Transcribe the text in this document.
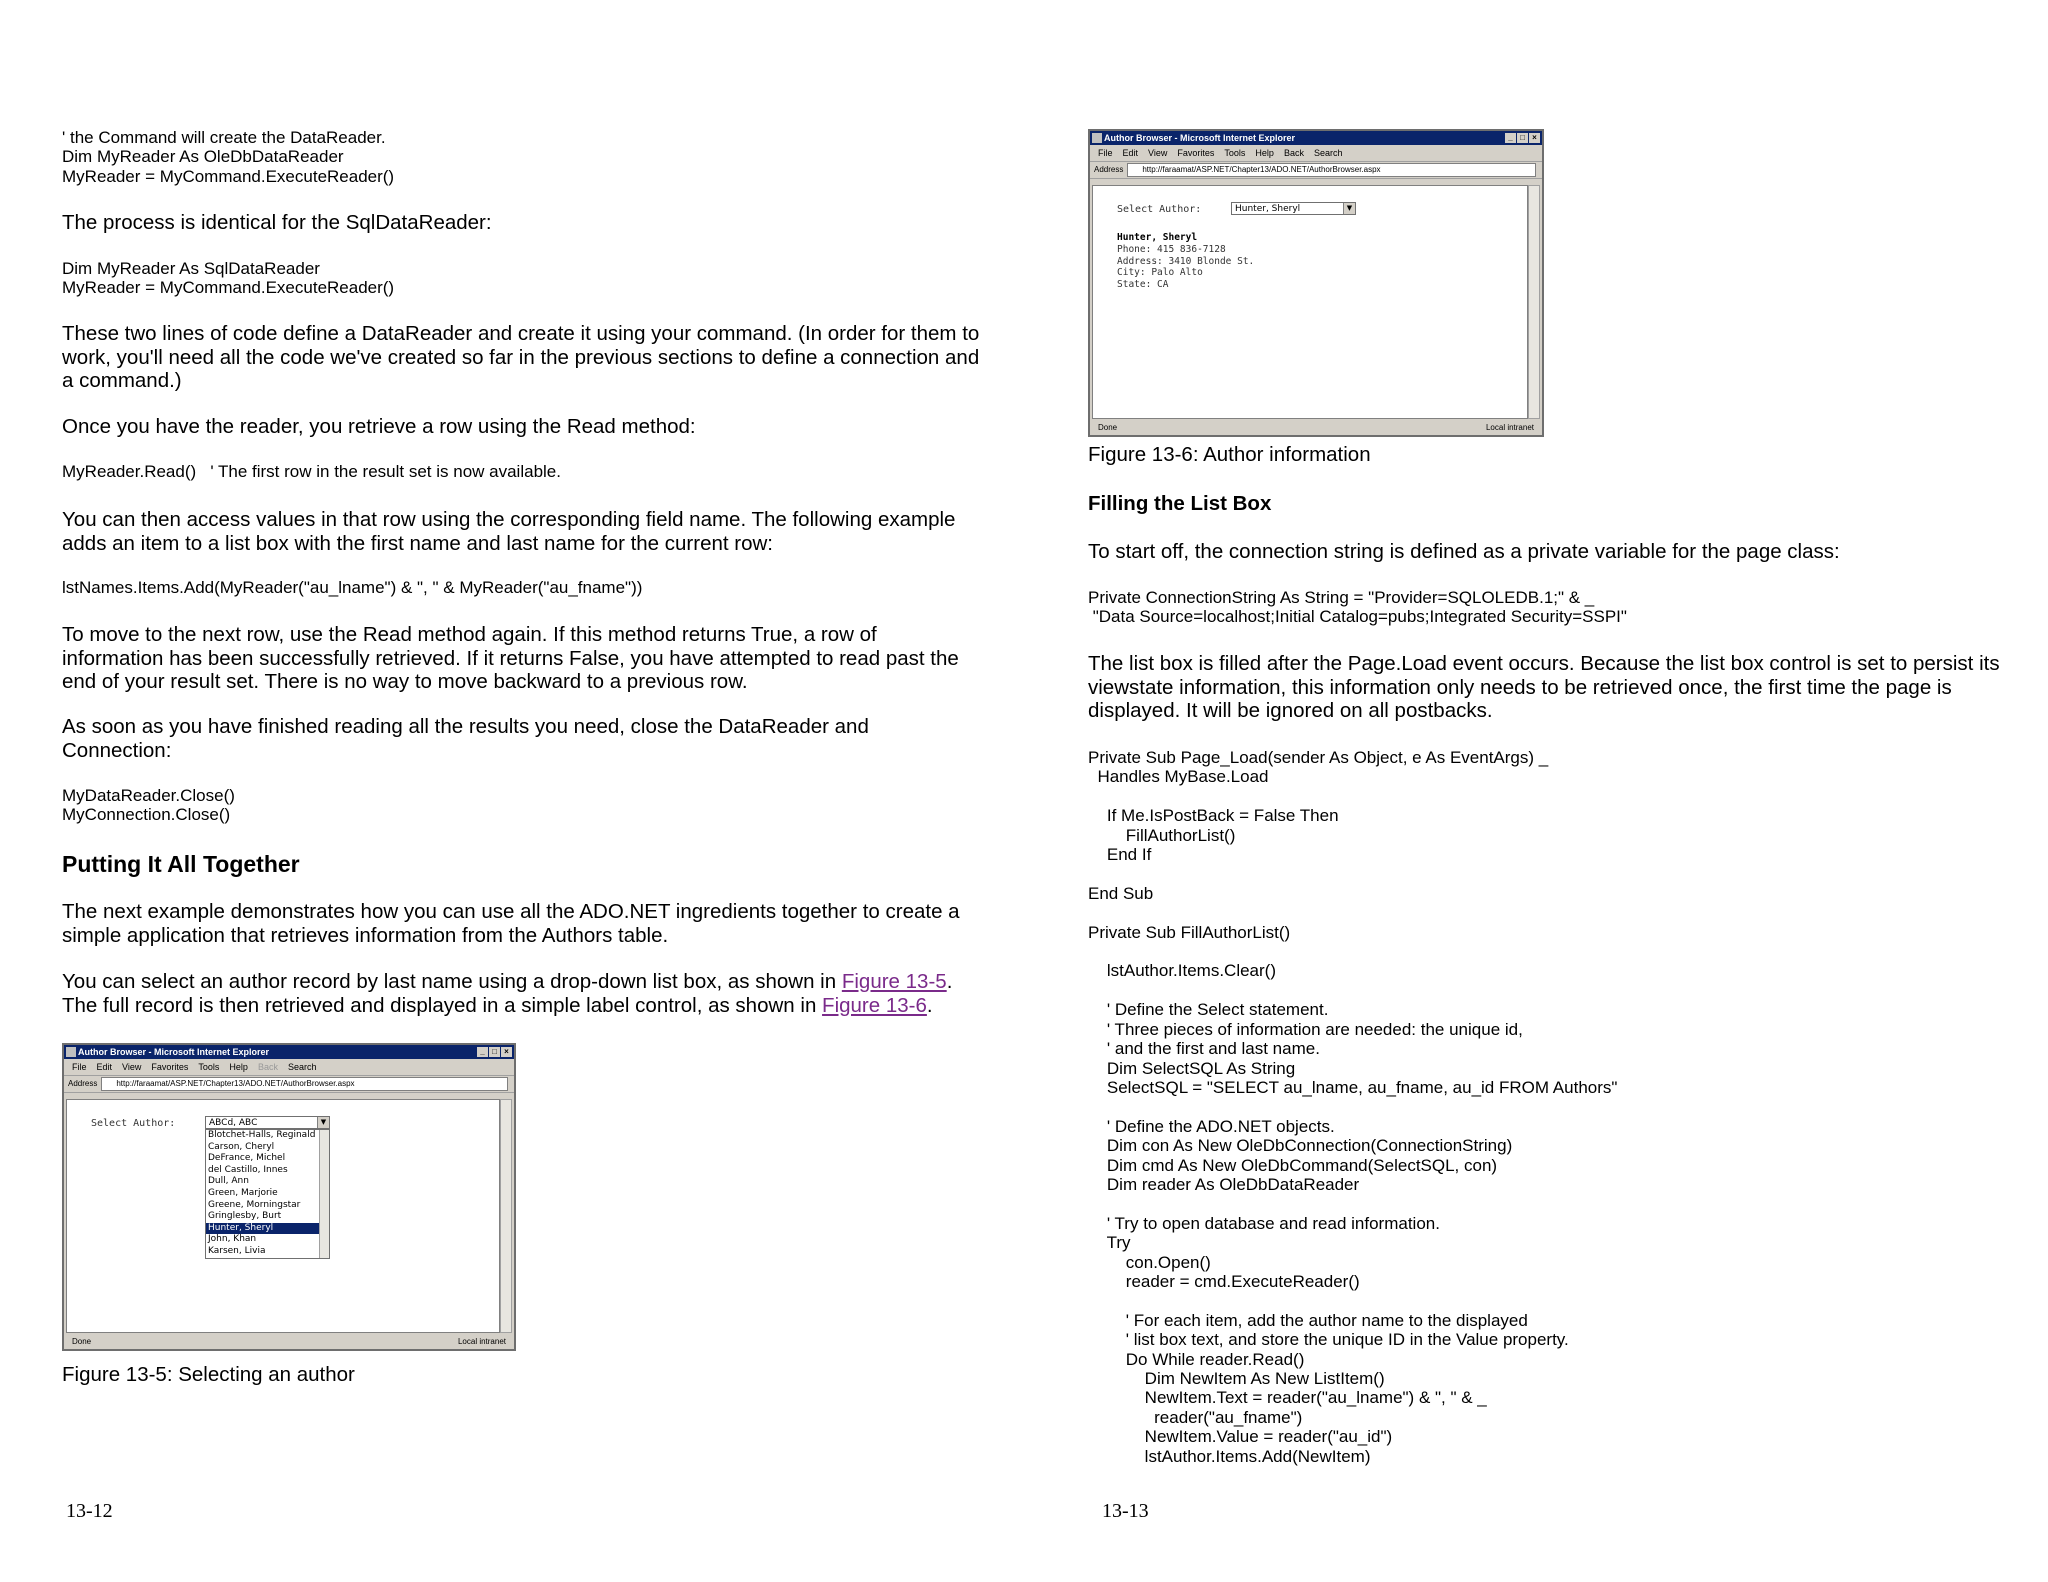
' the Command will create the DataReader.
Dim MyReader As OleDbDataReader
MyReader = MyCommand.ExecuteReader()

The process is identical for the SqlDataReader:

Dim MyReader As SqlDataReader
MyReader = MyCommand.ExecuteReader()

These two lines of code define a DataReader and create it using your command. (In order for them to work, you'll need all the code we've created so far in the previous sections to define a connection and a command.)

Once you have the reader, you retrieve a row using the Read method:

MyReader.Read()   ' The first row in the result set is now available.

You can then access values in that row using the corresponding field name. The following example adds an item to a list box with the first name and last name for the current row:

lstNames.Items.Add(MyReader("au_lname") & ", " & MyReader("au_fname"))

To move to the next row, use the Read method again. If this method returns True, a row of information has been successfully retrieved. If it returns False, you have attempted to read past the end of your result set. There is no way to move backward to a previous row.

As soon as you have finished reading all the results you need, close the DataReader and Connection:

MyDataReader.Close()
MyConnection.Close()
Putting It All Together

The next example demonstrates how you can use all the ADO.NET ingredients together to create a simple application that retrieves information from the Authors table.

You can select an author record by last name using a drop-down list box, as shown in Figure 13-5.
The full record is then retrieved and displayed in a simple label control, as shown in Figure 13-6.

Author Browser - Microsoft Internet Explorer	_ □ ×
File Edit View Favorites Tools Help Back Search
Address	http://faraamat/ASP.NET/Chapter13/ADO.NET/AuthorBrowser.aspx
Select Author:	ABCd, ABC	▼
Blotchet-Halls, Reginald
Carson, Cheryl
DeFrance, Michel
del Castillo, Innes
Dull, Ann
Green, Marjorie
Greene, Morningstar
Gringlesby, Burt
Hunter, Sheryl
John, Khan
Karsen, Livia
Done	Local intranet

Figure 13-5: Selecting an author

13-12
Author Browser - Microsoft Internet Explorer	_ □ ×
File Edit View Favorites Tools Help Back Search
Address	http://faraamat/ASP.NET/Chapter13/ADO.NET/AuthorBrowser.aspx
Select Author:	Hunter, Sheryl	▼
Hunter, Sheryl
Phone: 415 836-7128
Address: 3410 Blonde St.
City: Palo Alto
State: CA
Done	Local intranet

Figure 13-6: Author information

Filling the List Box

To start off, the connection string is defined as a private variable for the page class:

Private ConnectionString As String = "Provider=SQLOLEDB.1;" & _
"Data Source=localhost;Initial Catalog=pubs;Integrated Security=SSPI"

The list box is filled after the Page.Load event occurs. Because the list box control is set to persist its viewstate information, this information only needs to be retrieved once, the first time the page is displayed. It will be ignored on all postbacks.

Private Sub Page_Load(sender As Object, e As EventArgs) _
Handles MyBase.Load

If Me.IsPostBack = False Then
FillAuthorList()
End If

End Sub

Private Sub FillAuthorList()

lstAuthor.Items.Clear()

' Define the Select statement.
' Three pieces of information are needed: the unique id,
' and the first and last name.
Dim SelectSQL As String
SelectSQL = "SELECT au_lname, au_fname, au_id FROM Authors"

' Define the ADO.NET objects.
Dim con As New OleDbConnection(ConnectionString)
Dim cmd As New OleDbCommand(SelectSQL, con)
Dim reader As OleDbDataReader

' Try to open database and read information.
Try
con.Open()
reader = cmd.ExecuteReader()

' For each item, add the author name to the displayed
' list box text, and store the unique ID in the Value property.
Do While reader.Read()
Dim NewItem As New ListItem()
NewItem.Text = reader("au_lname") & ", " & _
reader("au_fname")
NewItem.Value = reader("au_id")
lstAuthor.Items.Add(NewItem)
13-13
